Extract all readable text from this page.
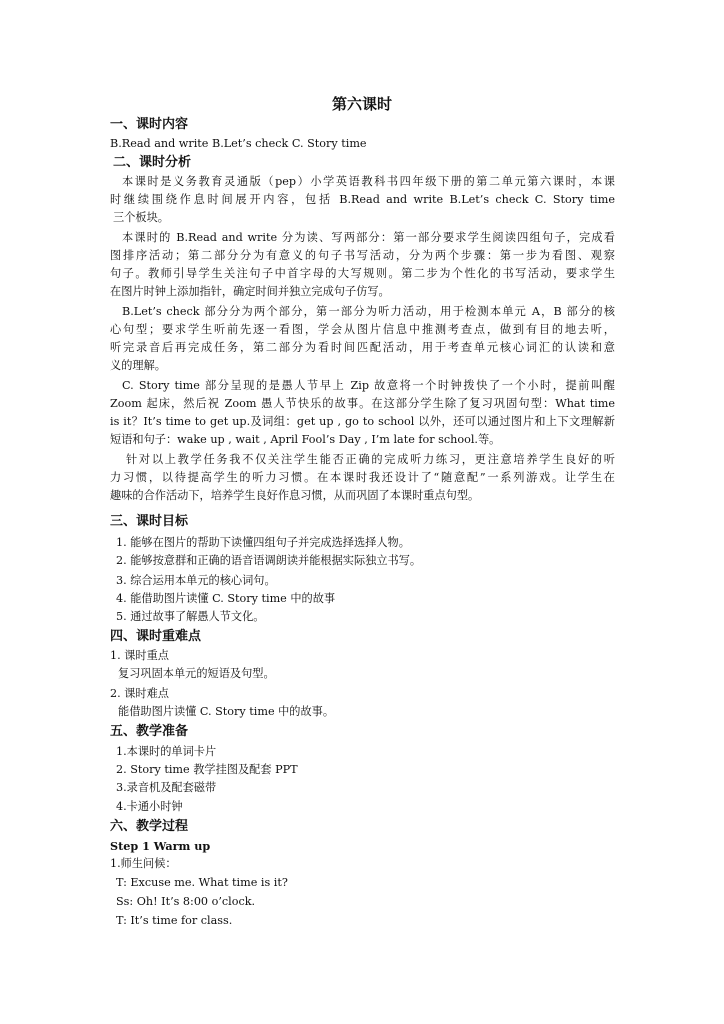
第六课时
一、课时内容
B.Read and write B.Let’s check C. Story time
二、课时分析
本课时是义务教育灵通版（pep）小学英语教科书四年级下册的第二单元第六课时，本课
时继续围绕作息时间展开内容，包括 B.Read and write B.Let’s check C. Story time
三个板块。
本课时的 B.Read and write 分为读、写两部分：第一部分要求学生阅读四组句子，完成看
图排序活动；第二部分分为有意义的句子书写活动，分为两个步骤：第一步为看图、观察
句子。教师引导学生关注句子中首字母的大写规则。第二步为个性化的书写活动，要求学生
在图片时钟上添加指针，确定时间并独立完成句子仿写。
B.Let’s check 部分分为两个部分，第一部分为听力活动，用于检测本单元 A，B 部分的核
心句型；要求学生听前先逐一看图，学会从图片信息中推测考查点，做到有目的地去听，
听完录音后再完成任务，第二部分为看时间匹配活动，用于考查单元核心词汇的认读和意
义的理解。
C. Story time 部分呈现的是愚人节早上 Zip 故意将一个时钟拨快了一个小时，提前叫醒
Zoom 起床，然后祝 Zoom 愚人节快乐的故事。在这部分学生除了复习巩固句型：What time
is it？It’s time to get up.及词组：get up , go to school 以外，还可以通过图片和上下文理解新
短语和句子：wake up , wait , April Fool’s Day , I’m late for school.等。
针对以上教学任务我不仅关注学生能否正确的完成听力练习，更注意培养学生良好的听
力习惯，以待提高学生的听力习惯。在本课时我还设计了“随意配”一系列游戏。让学生在
趣味的合作活动下，培养学生良好作息习惯，从而巩固了本课时重点句型。
三、课时目标
1. 能够在图片的帮助下读懂四组句子并完成选择选择人物。
2. 能够按意群和正确的语音语调朗读并能根据实际独立书写。
3. 综合运用本单元的核心词句。
4. 能借助图片读懂 C. Story time 中的故事
5. 通过故事了解愚人节文化。
四、课时重难点
1. 课时重点
复习巩固本单元的短语及句型。
2. 课时难点
能借助图片读懂 C. Story time 中的故事。
五、教学准备
1.本课时的单词卡片
2. Story time 教学挂图及配套 PPT
3.录音机及配套磁带
4.卡通小时钟
六、教学过程
Step 1 Warm up
1.师生问候：
T: Excuse me. What time is it?
Ss: Oh! It’s 8:00 o’clock.
T: It’s time for class.
